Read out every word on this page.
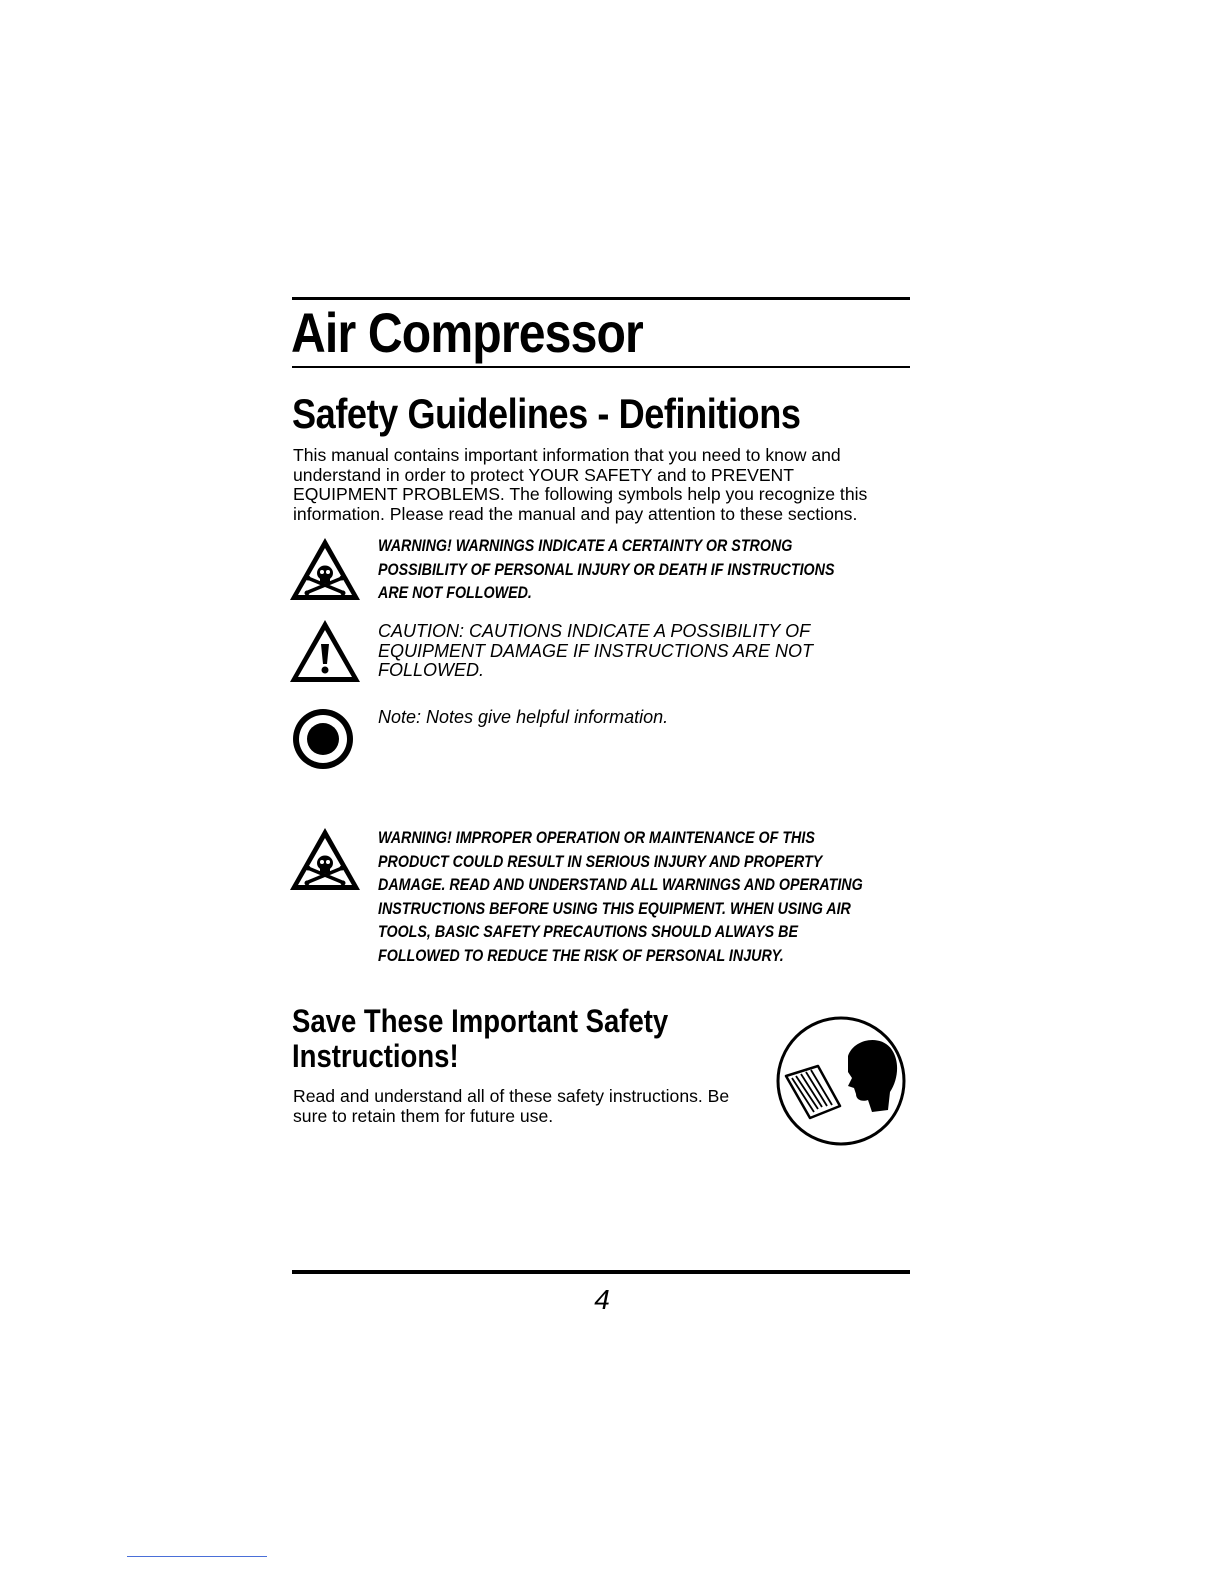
Air Compressor
Safety Guidelines - Definitions
This manual contains important information that you need to know and
understand in order to protect YOUR SAFETY and to PREVENT
EQUIPMENT PROBLEMS. The following symbols help you recognize this
information. Please read the manual and pay attention to these sections.
WARNING! WARNINGS INDICATE A CERTAINTY OR STRONG
POSSIBILITY OF PERSONAL INJURY OR DEATH IF INSTRUCTIONS
ARE NOT FOLLOWED.
CAUTION: CAUTIONS INDICATE A POSSIBILITY OF
EQUIPMENT DAMAGE IF INSTRUCTIONS ARE NOT
FOLLOWED.
Note: Notes give helpful information.
WARNING! IMPROPER OPERATION OR MAINTENANCE OF THIS
PRODUCT COULD RESULT IN SERIOUS INJURY AND PROPERTY
DAMAGE. READ AND UNDERSTAND ALL WARNINGS AND OPERATING
INSTRUCTIONS BEFORE USING THIS EQUIPMENT. WHEN USING AIR
TOOLS, BASIC SAFETY PRECAUTIONS SHOULD ALWAYS BE
FOLLOWED TO REDUCE THE RISK OF PERSONAL INJURY.
Save These Important Safety
Instructions!
Read and understand all of these safety instructions. Be
sure to retain them for future use.
4
